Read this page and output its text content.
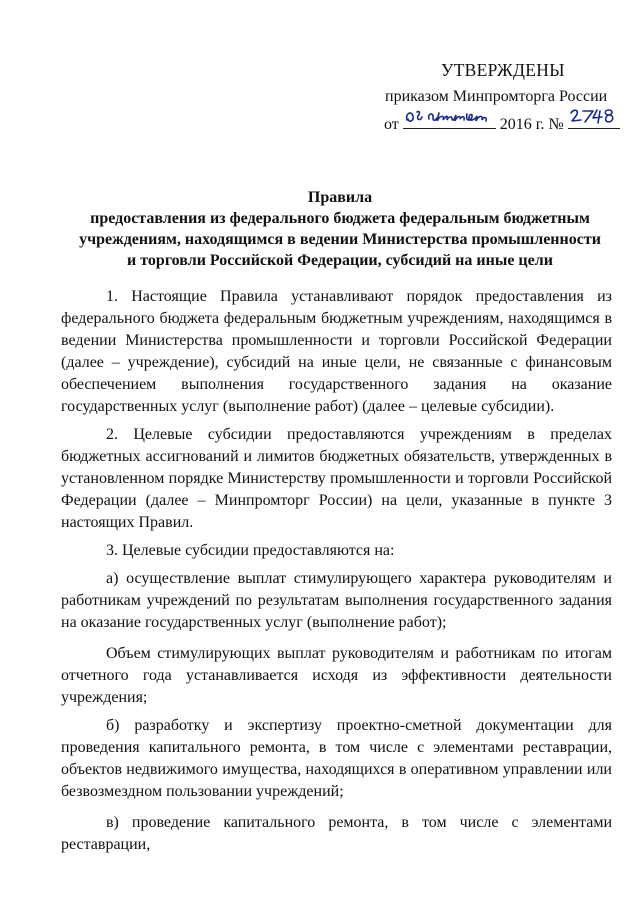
УТВЕРЖДЕНЫ
приказом Минпромторга России
от	2016 г. №
Правила
предоставления из федерального бюджета федеральным бюджетным
учреждениям, находящимся в ведении Министерства промышленности
и торговли Российской Федерации, субсидий на иные цели

1. Настоящие Правила устанавливают порядок предоставления из федерального бюджета федеральным бюджетным учреждениям, находящимся в ведении Министерства промышленности и торговли Российской Федерации (далее – учреждение), субсидий на иные цели, не связанные с финансовым обеспечением выполнения государственного задания на оказание государственных услуг (выполнение работ) (далее – целевые субсидии).

2. Целевые субсидии предоставляются учреждениям в пределах бюджетных ассигнований и лимитов бюджетных обязательств, утвержденных в установленном порядке Министерству промышленности и торговли Российской Федерации (далее – Минпромторг России) на цели, указанные в пункте 3 настоящих Правил.

3. Целевые субсидии предоставляются на:

а) осуществление выплат стимулирующего характера руководителям и работникам учреждений по результатам выполнения государственного задания на оказание государственных услуг (выполнение работ);

Объем стимулирующих выплат руководителям и работникам по итогам отчетного года устанавливается исходя из эффективности деятельности учреждения;

б) разработку и экспертизу проектно-сметной документации для проведения капитального ремонта, в том числе с элементами реставрации, объектов недвижимого имущества, находящихся в оперативном управлении или безвозмездном пользовании учреждений;

в) проведение капитального ремонта, в том числе с элементами реставрации,
